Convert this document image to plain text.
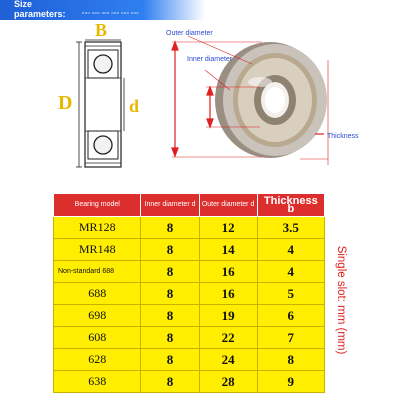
Size
parameters:	ooo ooo ooo ooo ooo ooo
B
D	d
Outer diameter
Inner diameter
Thickness
Bearing model	Inner diameter d	Outer diameter d	Thickness b
MR128	8	12	3.5
MR148	8	14	4
Non-standard 688	8	16	4
688	8	16	5
698	8	19	6
608	8	22	7
628	8	24	8
638	8	28	9
Single slot: mm (mm)
